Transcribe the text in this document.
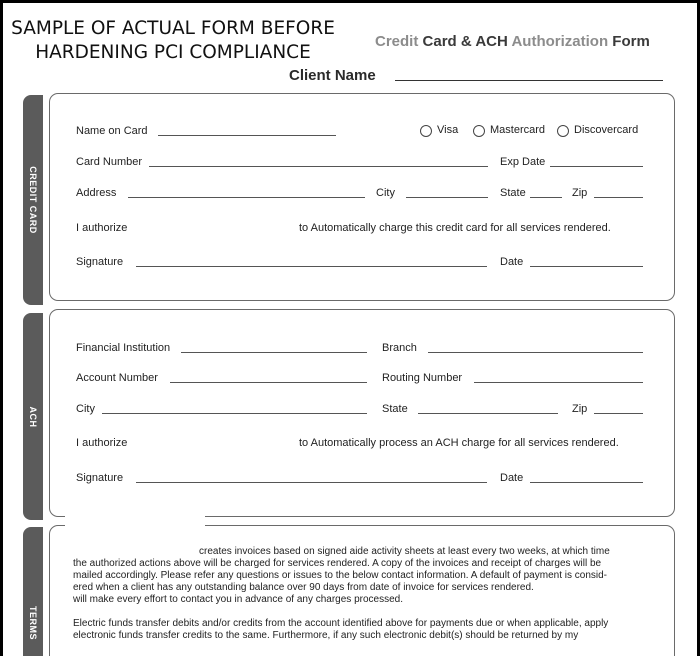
SAMPLE OF ACTUAL FORM BEFORE
HARDENING PCI COMPLIANCE
Credit Card & ACH Authorization Form
Client Name
CREDIT CARD
Name on Card	Visa	Mastercard	Discovercard
Card Number	Exp Date
Address	City	State	Zip
I authorize	to Automatically charge this credit card for all services rendered.
Signature	Date
ACH
Financial Institution	Branch
Account Number	Routing Number
City	State	Zip
I authorize	to Automatically process an ACH charge for all services rendered.
Signature	Date
TERMS
creates invoices based on signed aide activity sheets at least every two weeks, at which time
the authorized actions above will be charged for services rendered. A copy of the invoices and receipt of charges will be
mailed accordingly. Please refer any questions or issues to the below contact information. A default of payment is consid-
ered when a client has any outstanding balance over 90 days from date of invoice for services rendered.
will make every effort to contact you in advance of any charges processed.
Electric funds transfer debits and/or credits from the account identified above for payments due or when applicable, apply
electronic funds transfer credits to the same. Furthermore, if any such electronic debit(s) should be returned by my
